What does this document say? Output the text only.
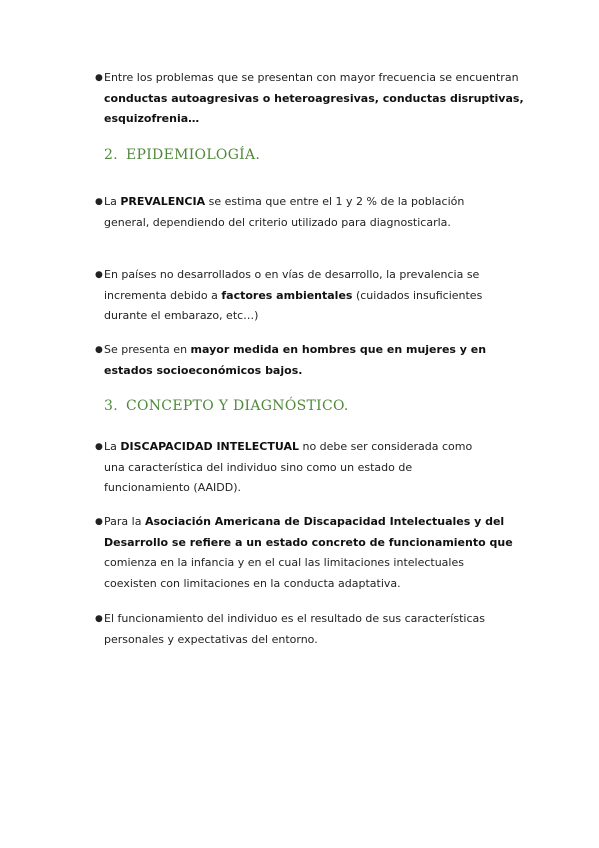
● Entre los problemas que se presentan con mayor frecuencia se encuentran
conductas autoagresivas o heteroagresivas, conductas disruptivas,
esquizofrenia…
2. EPIDEMIOLOGÍA.
● La PREVALENCIA se estima que entre el 1 y 2 % de la población
general, dependiendo del criterio utilizado para diagnosticarla.
● En países no desarrollados o en vías de desarrollo, la prevalencia se
incrementa debido a factores ambientales (cuidados insuficientes
durante el embarazo, etc…)
● Se presenta en mayor medida en hombres que en mujeres y en
estados socioeconómicos bajos.
3. CONCEPTO Y DIAGNÓSTICO.
● La DISCAPACIDAD INTELECTUAL no debe ser considerada como
una característica del individuo sino como un estado de
funcionamiento (AAIDD).
● Para la Asociación Americana de Discapacidad Intelectuales y del
Desarrollo se refiere a un estado concreto de funcionamiento que
comienza en la infancia y en el cual las limitaciones intelectuales
coexisten con limitaciones en la conducta adaptativa.
● El funcionamiento del individuo es el resultado de sus características
personales y expectativas del entorno.
